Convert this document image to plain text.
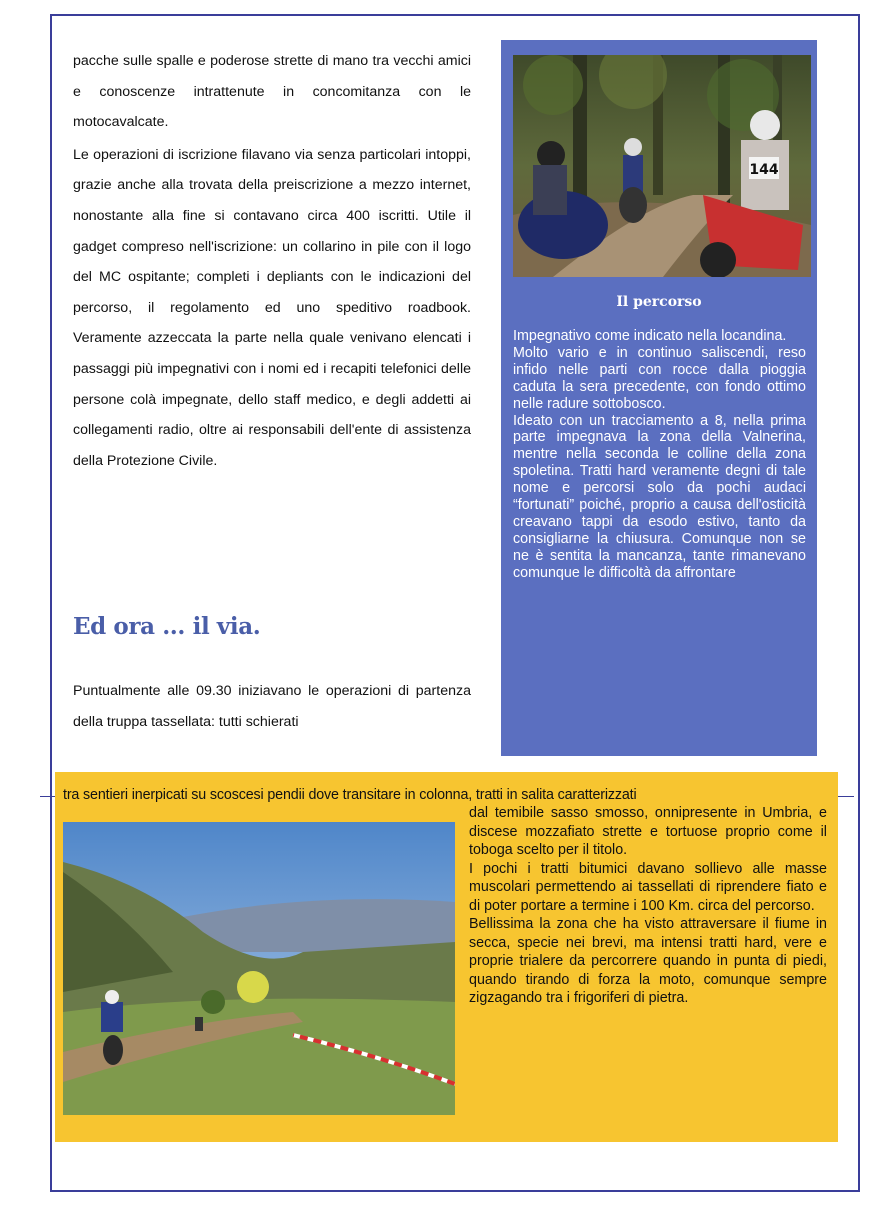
pacche sulle spalle e poderose strette di mano tra vecchi amici e conoscenze intrattenute in concomitanza con le motocavalcate.

Le operazioni di iscrizione filavano via senza particolari intoppi, grazie anche alla trovata della preiscrizione a mezzo internet, nonostante alla fine si contavano circa 400 iscritti. Utile il gadget compreso nell'iscrizione: un collarino in pile con il logo del MC ospitante; completi i depliants con le indicazioni del percorso, il regolamento ed uno speditivo roadbook. Veramente azzeccata la parte nella quale venivano elencati i passaggi più impegnativi con i nomi ed i recapiti telefonici delle persone colà impegnate, dello staff medico, e degli addetti ai collegamenti radio, oltre ai responsabili dell'ente di assistenza della Protezione Civile.

Ed ora ... il via.

Puntualmente alle 09.30 iniziavano le operazioni di partenza della truppa tassellata: tutti schierati

144

Il percorso

Impegnativo come indicato nella locandina.
Molto vario e in continuo saliscendi, reso infido nelle parti con rocce dalla pioggia caduta la sera precedente, con fondo ottimo nelle radure sottobosco.
Ideato con un tracciamento a 8, nella prima parte impegnava la zona della Valnerina, mentre nella seconda le colline della zona spoletina. Tratti hard veramente degni di tale nome e percorsi solo da pochi audaci “fortunati” poiché, proprio a causa dell'osticità creavano tappi da esodo estivo, tanto da consigliarne la chiusura. Comunque non se ne è sentita la mancanza, tante rimanevano comunque le difficoltà da affrontare

tra sentieri inerpicati su scoscesi pendii dove transitare in colonna, tratti in salita caratterizzati

dal temibile sasso smosso, onnipresente in Umbria, e discese mozzafiato strette e tortuose proprio come il toboga scelto per il titolo.
I pochi i tratti bitumici davano sollievo alle masse muscolari permettendo ai tassellati di riprendere fiato e di poter portare a termine i 100 Km. circa del percorso.
Bellissima la zona che ha visto attraversare il fiume in secca, specie nei brevi, ma intensi tratti hard, vere e proprie trialere da percorrere quando in punta di piedi, quando tirando di forza la moto, comunque sempre zigzagando tra i frigoriferi di pietra.
